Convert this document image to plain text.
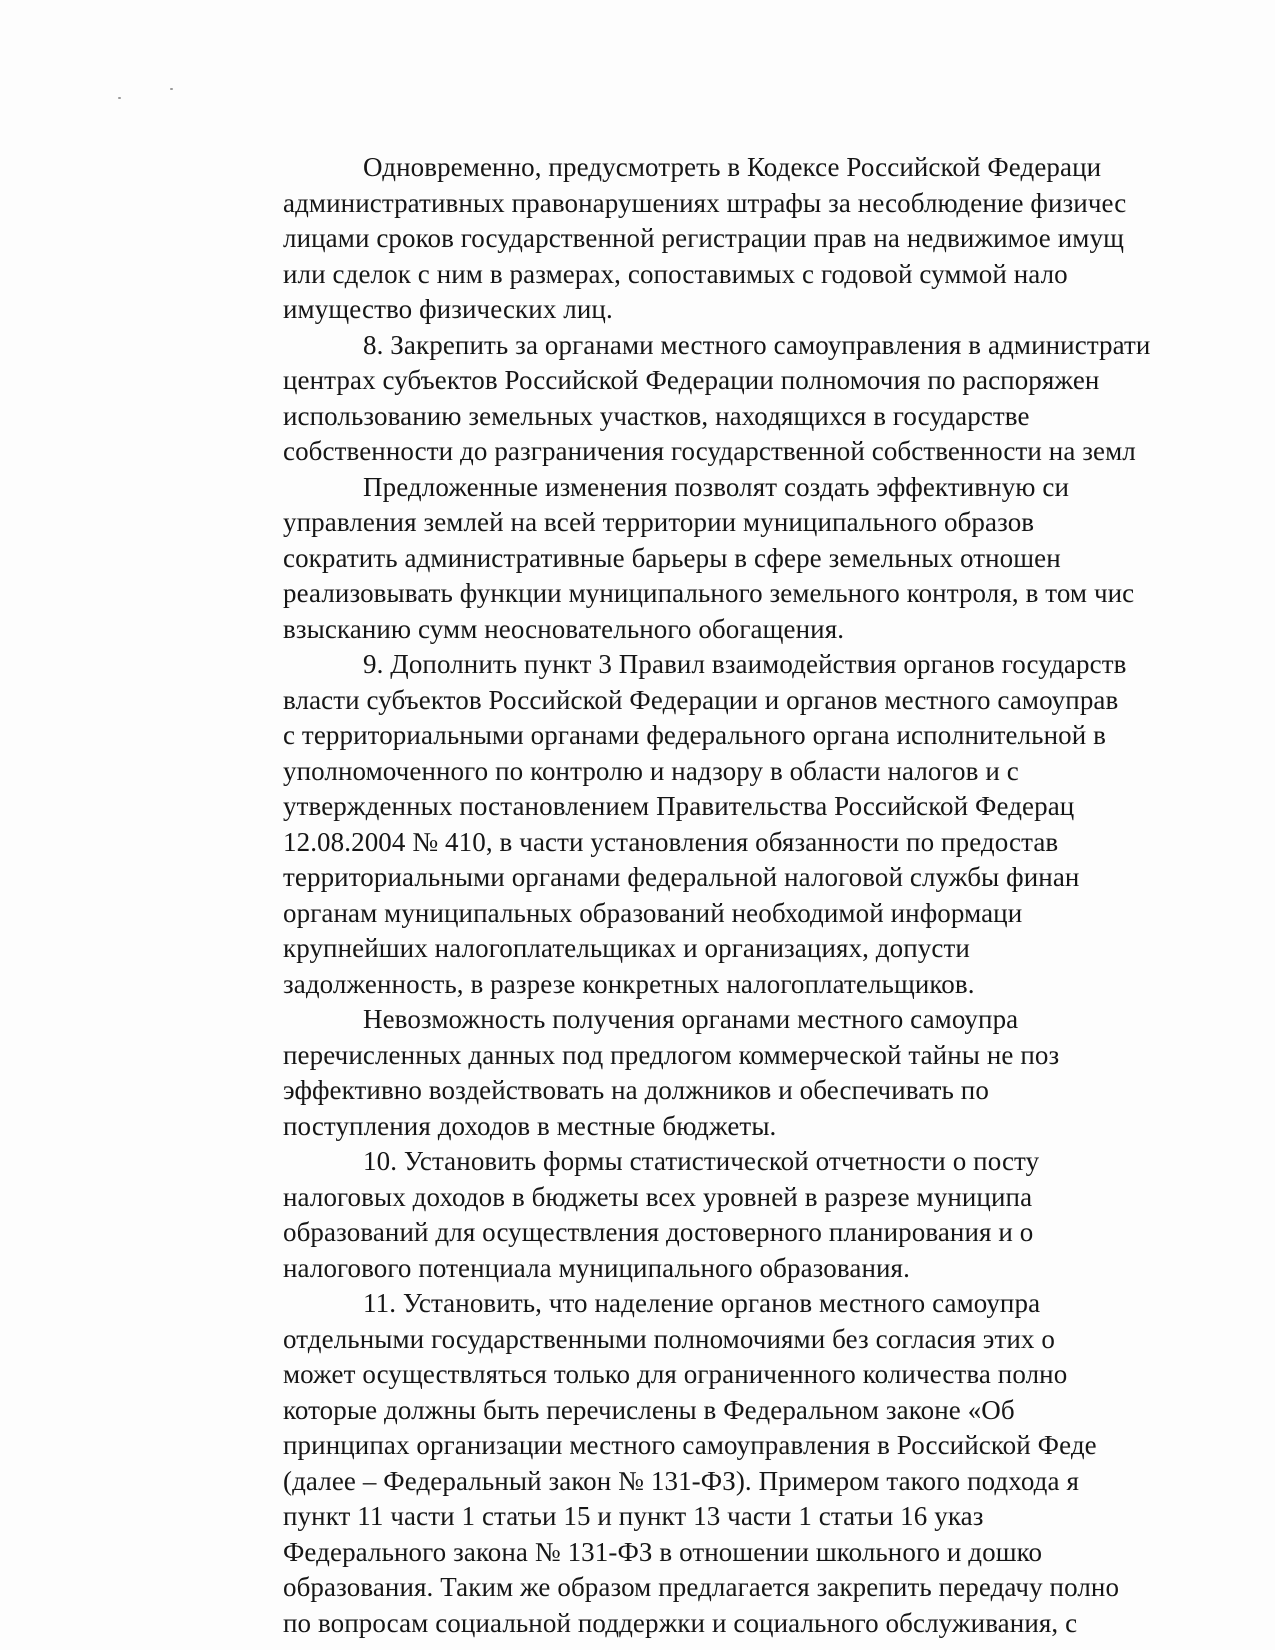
Одновременно, предусмотреть в Кодексе Российской Федераци
административных правонарушениях штрафы за несоблюдение физичес
лицами сроков государственной регистрации прав на недвижимое имущ
или сделок с ним в размерах, сопоставимых с годовой суммой нало
имущество физических лиц.
8. Закрепить за органами местного самоуправления в администрати
центрах субъектов Российской Федерации полномочия по распоряжен
использованию земельных участков, находящихся в государстве
собственности до разграничения государственной собственности на земл
Предложенные изменения позволят создать эффективную си
управления землей на всей территории муниципального образов
сократить административные барьеры в сфере земельных отношен
реализовывать функции муниципального земельного контроля, в том чис
взысканию сумм неосновательного обогащения.
9. Дополнить пункт 3 Правил взаимодействия органов государств
власти субъектов Российской Федерации и органов местного самоуправ
с территориальными органами федерального органа исполнительной в
уполномоченного по контролю и надзору в области налогов и с
утвержденных постановлением Правительства Российской Федерац
12.08.2004 № 410, в части установления обязанности по предостав
территориальными органами федеральной налоговой службы финан
органам муниципальных образований необходимой информаци
крупнейших налогоплательщиках и организациях, допусти
задолженность, в разрезе конкретных налогоплательщиков.
Невозможность получения органами местного самоупра
перечисленных данных под предлогом коммерческой тайны не поз
эффективно воздействовать на должников и обеспечивать по
поступления доходов в местные бюджеты.
10. Установить формы статистической отчетности о посту
налоговых доходов в бюджеты всех уровней в разрезе муниципа
образований для осуществления достоверного планирования и о
налогового потенциала муниципального образования.
11. Установить, что наделение органов местного самоупра
отдельными государственными полномочиями без согласия этих о
может осуществляться только для ограниченного количества полно
которые должны быть перечислены в Федеральном законе «Об
принципах организации местного самоуправления в Российской Феде
(далее – Федеральный закон № 131-ФЗ). Примером такого подхода я
пункт 11 части 1 статьи 15 и пункт 13 части 1 статьи 16 указ
Федерального закона № 131-ФЗ в отношении школьного и дошко
образования. Таким же образом предлагается закрепить передачу полно
по вопросам социальной поддержки и социального обслуживания, с
